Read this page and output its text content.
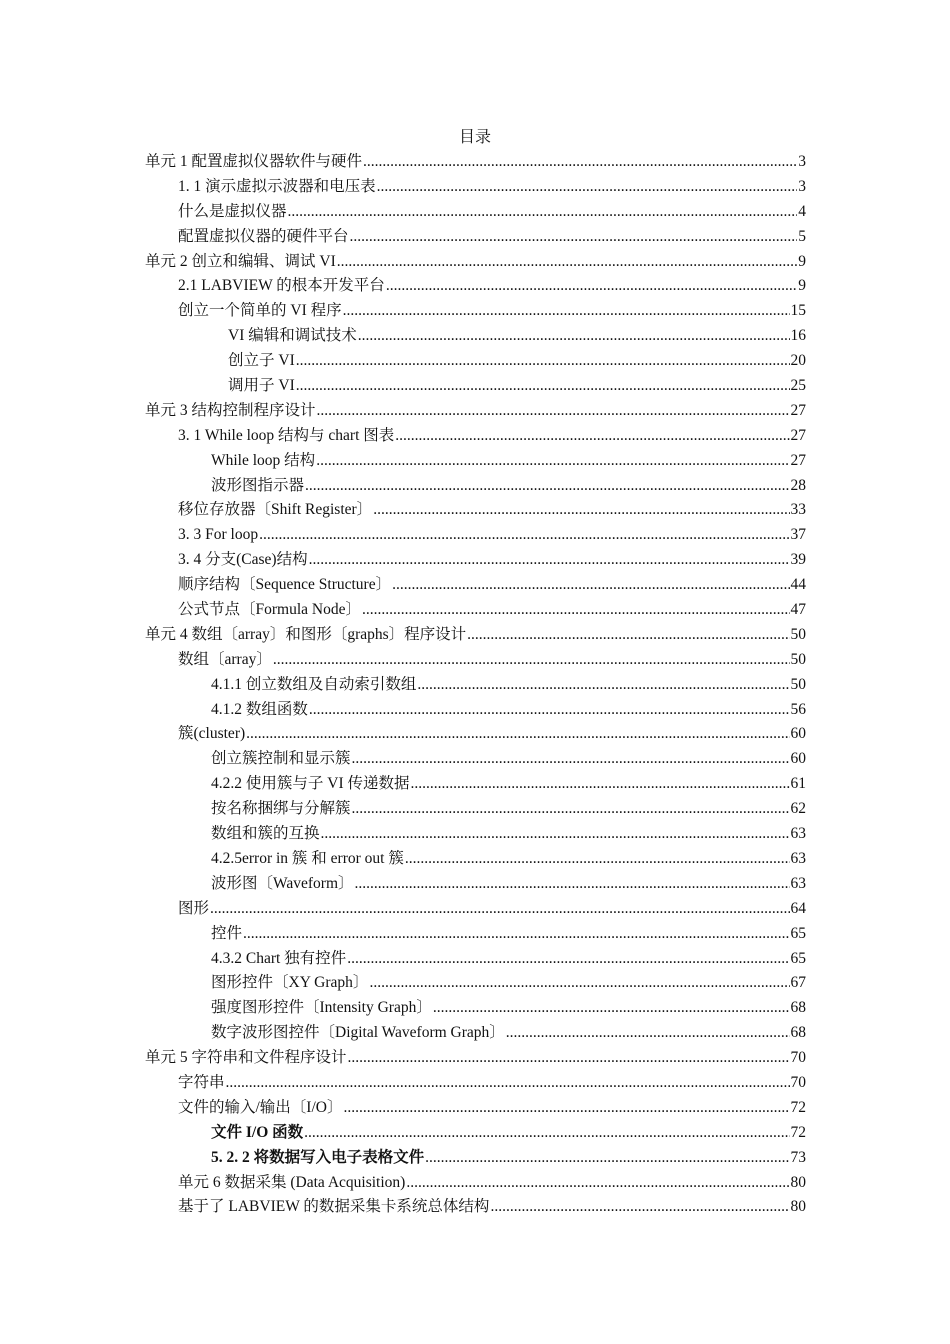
目录
单元 1 配置虚拟仪器软件与硬件 .....	3
1. 1 演示虚拟示波器和电压表 .....	3
什么是虚拟仪器 .....	4
配置虚拟仪器的硬件平台 .....	5
单元 2 创立和编辑、调试 VI .....	9
2.1 LABVIEW 的根本开发平台 .....	9
创立一个简单的 VI 程序 .....	15
VI 编辑和调试技术 .....	16
创立子 VI .....	20
调用子 VI .....	25
单元 3 结构控制程序设计 .....	27
3. 1 While loop 结构与 chart 图表 .....	27
While loop 结构 .....	27
波形图指示器 .....	28
移位存放器〔Shift Register〕 .....	33
3. 3 For loop .....	37
3. 4 分支(Case)结构 .....	39
顺序结构〔Sequence Structure〕 .....	44
公式节点〔Formula Node〕 .....	47
单元 4 数组〔array〕和图形〔graphs〕程序设计 .....	50
数组〔array〕 .....	50
4.1.1 创立数组及自动索引数组 .....	50
4.1.2 数组函数 .....	56
簇(cluster) .....	60
创立簇控制和显示簇 .....	60
4.2.2 使用簇与子 VI 传递数据 .....	61
按名称捆绑与分解簇 .....	62
数组和簇的互换 .....	63
4.2.5error in 簇 和 error out 簇 .....	63
波形图〔Waveform〕 .....	63
图形 .....	64
控件 .....	65
4.3.2 Chart 独有控件 .....	65
图形控件〔XY Graph〕 .....	67
强度图形控件〔Intensity Graph〕 .....	68
数字波形图控件〔Digital Waveform Graph〕 .....	68
单元 5 字符串和文件程序设计 .....	70
字符串 .....	70
文件的输入/输出〔I/O〕 .....	72
文件 I/O 函数 .....	72
5. 2. 2 将数据写入电子表格文件 .....	73
单元 6 数据采集 (Data Acquisition) .....	80
基于了 LABVIEW 的数据采集卡系统总体结构 .....	80
